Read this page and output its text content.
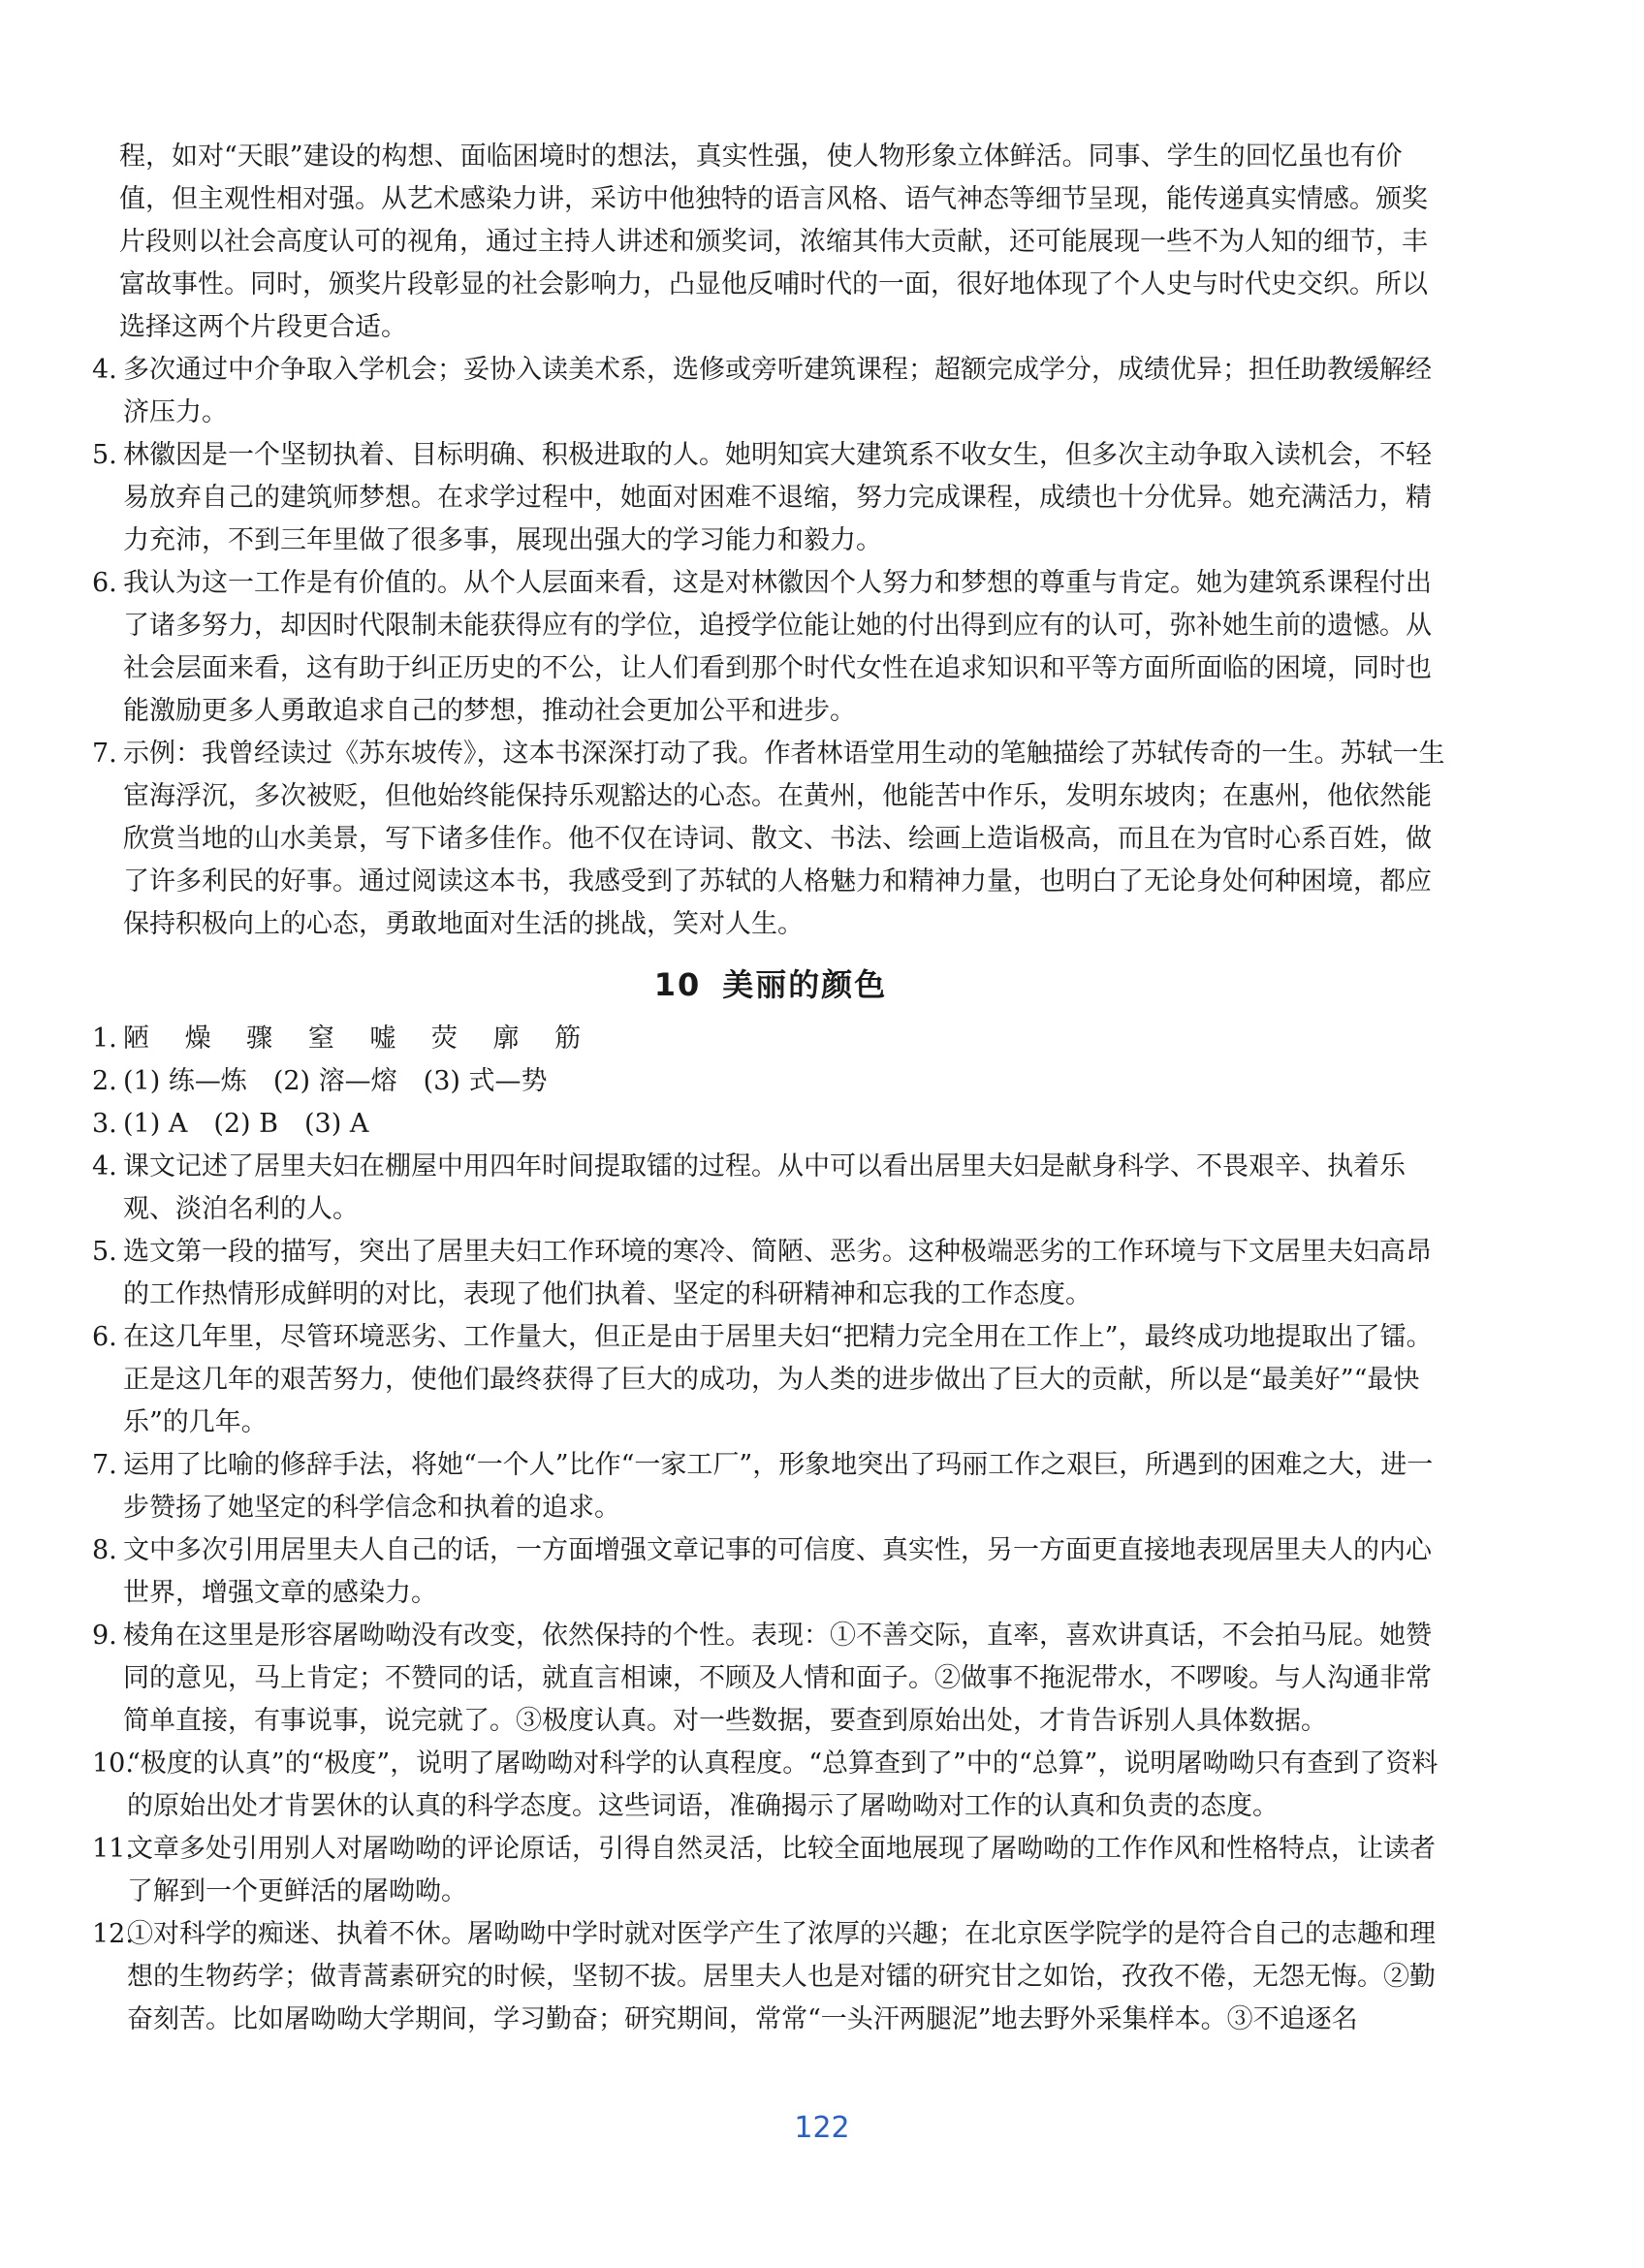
程，如对“天眼”建设的构想、面临困境时的想法，真实性强，使人物形象立体鲜活。同事、学生的回忆虽也有价值，但主观性相对强。从艺术感染力讲，采访中他独特的语言风格、语气神态等细节呈现，能传递真实情感。颁奖片段则以社会高度认可的视角，通过主持人讲述和颁奖词，浓缩其伟大贡献，还可能展现一些不为人知的细节，丰富故事性。同时，颁奖片段彰显的社会影响力，凸显他反哺时代的一面，很好地体现了个人史与时代史交织。所以选择这两个片段更合适。

4. 多次通过中介争取入学机会；妥协入读美术系，选修或旁听建筑课程；超额完成学分，成绩优异；担任助教缓解经济压力。

5. 林徽因是一个坚韧执着、目标明确、积极进取的人。她明知宾大建筑系不收女生，但多次主动争取入读机会，不轻易放弃自己的建筑师梦想。在求学过程中，她面对困难不退缩，努力完成课程，成绩也十分优异。她充满活力，精力充沛，不到三年里做了很多事，展现出强大的学习能力和毅力。

6. 我认为这一工作是有价值的。从个人层面来看，这是对林徽因个人努力和梦想的尊重与肯定。她为建筑系课程付出了诸多努力，却因时代限制未能获得应有的学位，追授学位能让她的付出得到应有的认可，弥补她生前的遗憾。从社会层面来看，这有助于纠正历史的不公，让人们看到那个时代女性在追求知识和平等方面所面临的困境，同时也能激励更多人勇敢追求自己的梦想，推动社会更加公平和进步。

7. 示例：我曾经读过《苏东坡传》，这本书深深打动了我。作者林语堂用生动的笔触描绘了苏轼传奇的一生。苏轼一生宦海浮沉，多次被贬，但他始终能保持乐观豁达的心态。在黄州，他能苦中作乐，发明东坡肉；在惠州，他依然能欣赏当地的山水美景，写下诸多佳作。他不仅在诗词、散文、书法、绘画上造诣极高，而且在为官时心系百姓，做了许多利民的好事。通过阅读这本书，我感受到了苏轼的人格魅力和精神力量，也明白了无论身处何种困境，都应保持积极向上的心态，勇敢地面对生活的挑战，笑对人生。

10 美丽的颜色

1. 陋 燥 骤 窒 嘘 荧 廓 筋

2. (1) 练—炼　(2) 溶—熔　(3) 式—势

3. (1) A　(2) B　(3) A

4. 课文记述了居里夫妇在棚屋中用四年时间提取镭的过程。从中可以看出居里夫妇是献身科学、不畏艰辛、执着乐观、淡泊名利的人。

5. 选文第一段的描写，突出了居里夫妇工作环境的寒冷、简陋、恶劣。这种极端恶劣的工作环境与下文居里夫妇高昂的工作热情形成鲜明的对比，表现了他们执着、坚定的科研精神和忘我的工作态度。

6. 在这几年里，尽管环境恶劣、工作量大，但正是由于居里夫妇“把精力完全用在工作上”，最终成功地提取出了镭。正是这几年的艰苦努力，使他们最终获得了巨大的成功，为人类的进步做出了巨大的贡献，所以是“最美好”“最快乐”的几年。

7. 运用了比喻的修辞手法，将她“一个人”比作“一家工厂”，形象地突出了玛丽工作之艰巨，所遇到的困难之大，进一步赞扬了她坚定的科学信念和执着的追求。

8. 文中多次引用居里夫人自己的话，一方面增强文章记事的可信度、真实性，另一方面更直接地表现居里夫人的内心世界，增强文章的感染力。

9. 棱角在这里是形容屠呦呦没有改变，依然保持的个性。表现：①不善交际，直率，喜欢讲真话，不会拍马屁。她赞同的意见，马上肯定；不赞同的话，就直言相谏，不顾及人情和面子。②做事不拖泥带水，不啰唆。与人沟通非常简单直接，有事说事，说完就了。③极度认真。对一些数据，要查到原始出处，才肯告诉别人具体数据。

10.
“极度的认真”的“极度”，说明了屠呦呦对科学的认真程度。“总算查到了”中的“总算”，说明屠呦呦只有查到了资料的原始出处才肯罢休的认真的科学态度。这些词语，准确揭示了屠呦呦对工作的认真和负责的态度。

11.
文章多处引用别人对屠呦呦的评论原话，引得自然灵活，比较全面地展现了屠呦呦的工作作风和性格特点，让读者了解到一个更鲜活的屠呦呦。

12.
①对科学的痴迷、执着不休。屠呦呦中学时就对医学产生了浓厚的兴趣；在北京医学院学的是符合自己的志趣和理想的生物药学；做青蒿素研究的时候，坚韧不拔。居里夫人也是对镭的研究甘之如饴，孜孜不倦，无怨无悔。②勤奋刻苦。比如屠呦呦大学期间，学习勤奋；研究期间，常常“一头汗两腿泥”地去野外采集样本。③不追逐名

122
